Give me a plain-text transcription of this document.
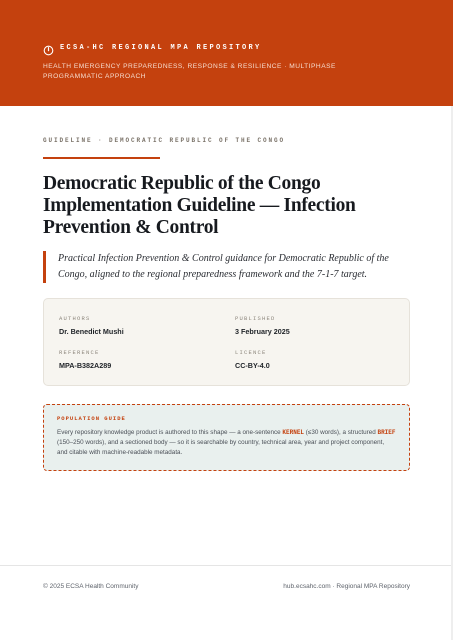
ECSA-HC REGIONAL MPA REPOSITORY
HEALTH EMERGENCY PREPAREDNESS, RESPONSE & RESILIENCE · MULTIPHASE PROGRAMMATIC APPROACH
GUIDELINE · DEMOCRATIC REPUBLIC OF THE CONGO
Democratic Republic of the Congo Implementation Guideline — Infection Prevention & Control

Practical Infection Prevention & Control guidance for Democratic Republic of the Congo, aligned to the regional preparedness framework and the 7-1-7 target.

AUTHORS
Dr. Benedict Mushi
PUBLISHED
3 February 2025
REFERENCE
MPA-B382A289
LICENCE
CC-BY-4.0
POPULATION GUIDE
Every repository knowledge product is authored to this shape — a one-sentence KERNEL (≤30 words), a structured BRIEF (150–250 words), and a sectioned body — so it is searchable by country, technical area, year and project component, and citable with machine-readable metadata.
© 2025 ECSA Health Community	hub.ecsahc.com · Regional MPA Repository
